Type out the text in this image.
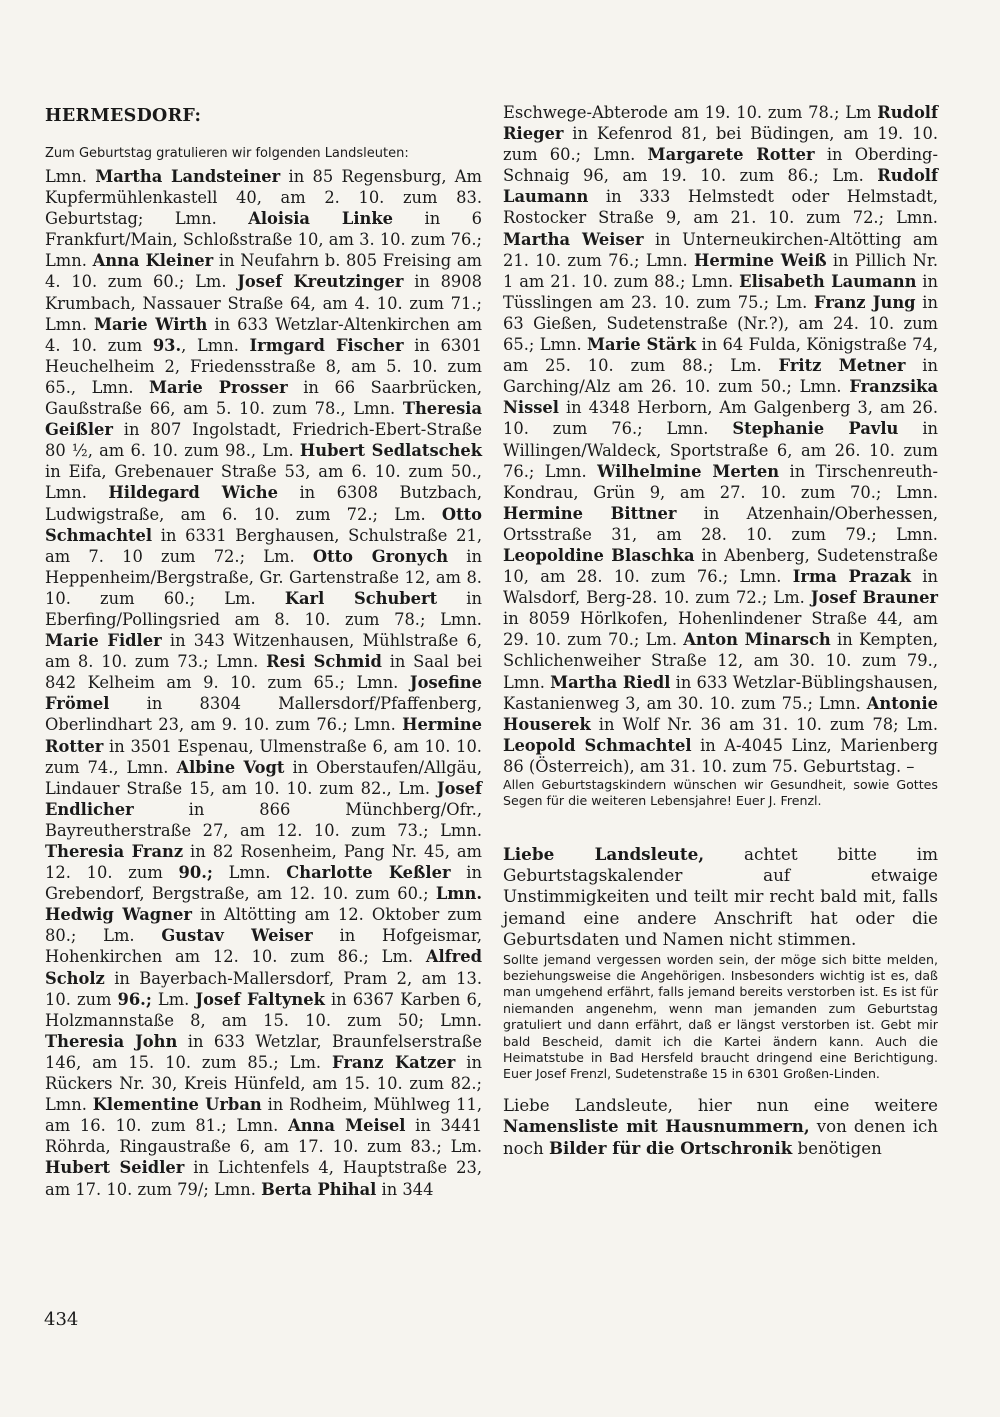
HERMESDORF:
Zum Geburtstag gratulieren wir folgenden Landsleuten:
Lmn. Martha Landsteiner in 85 Regensburg, Am Kupfermühlenkastell 40, am 2. 10. zum 83. Geburtstag; Lmn. Aloisia Linke in 6 Frankfurt/Main, Schloßstraße 10, am 3. 10. zum 76.; Lmn. Anna Kleiner in Neufahrn b. 805 Freising am 4. 10. zum 60.; Lm. Josef Kreutzinger in 8908 Krumbach, Nassauer Straße 64, am 4. 10. zum 71.; Lmn. Marie Wirth in 633 Wetzlar-Altenkirchen am 4. 10. zum 93., Lmn. Irmgard Fischer in 6301 Heuchelheim 2, Friedensstraße 8, am 5. 10. zum 65., Lmn. Marie Prosser in 66 Saarbrücken, Gaußstraße 66, am 5. 10. zum 78., Lmn. Theresia Geißler in 807 Ingolstadt, Friedrich-Ebert-Straße 80 ½, am 6. 10. zum 98., Lm. Hubert Sedlatschek in Eifa, Grebenauer Straße 53, am 6. 10. zum 50., Lmn. Hildegard Wiche in 6308 Butzbach, Ludwigstraße, am 6. 10. zum 72.; Lm. Otto Schmachtel in 6331 Berghausen, Schulstraße 21, am 7. 10 zum 72.; Lm. Otto Gronych in Heppenheim/Bergstraße, Gr. Gartenstraße 12, am 8. 10. zum 60.; Lm. Karl Schubert in Eberfing/Pollingsried am 8. 10. zum 78.; Lmn. Marie Fidler in 343 Witzenhausen, Mühlstraße 6, am 8. 10. zum 73.; Lmn. Resi Schmid in Saal bei 842 Kelheim am 9. 10. zum 65.; Lmn. Josefine Frömel in 8304 Mallersdorf/Pfaffenberg, Oberlindhart 23, am 9. 10. zum 76.; Lmn. Hermine Rotter in 3501 Espenau, Ulmenstraße 6, am 10. 10. zum 74., Lmn. Albine Vogt in Oberstaufen/Allgäu, Lindauer Straße 15, am 10. 10. zum 82., Lm. Josef Endlicher in 866 Münchberg/Ofr., Bayreutherstraße 27, am 12. 10. zum 73.; Lmn. Theresia Franz in 82 Rosenheim, Pang Nr. 45, am 12. 10. zum 90.; Lmn. Charlotte Keßler in Grebendorf, Bergstraße, am 12. 10. zum 60.; Lmn. Hedwig Wagner in Altötting am 12. Oktober zum 80.; Lm. Gustav Weiser in Hofgeismar, Hohenkirchen am 12. 10. zum 86.; Lm. Alfred Scholz in Bayerbach-Mallersdorf, Pram 2, am 13. 10. zum 96.; Lm. Josef Faltynek in 6367 Karben 6, Holzmannstaße 8, am 15. 10. zum 50; Lmn. Theresia John in 633 Wetzlar, Braunfelserstraße 146, am 15. 10. zum 85.; Lm. Franz Katzer in Rückers Nr. 30, Kreis Hünfeld, am 15. 10. zum 82.; Lmn. Klementine Urban in Rodheim, Mühlweg 11, am 16. 10. zum 81.; Lmn. Anna Meisel in 3441 Röhrda, Ringaustraße 6, am 17. 10. zum 83.; Lm. Hubert Seidler in Lichtenfels 4, Hauptstraße 23, am 17. 10. zum 79/; Lmn. Berta Phihal in 344
Eschwege-Abterode am 19. 10. zum 78.; Lm Rudolf Rieger in Kefenrod 81, bei Büdingen, am 19. 10. zum 60.; Lmn. Margarete Rotter in Oberding-Schnaig 96, am 19. 10. zum 86.; Lm. Rudolf Laumann in 333 Helmstedt oder Helmstadt, Rostocker Straße 9, am 21. 10. zum 72.; Lmn. Martha Weiser in Unterneukirchen-Altötting am 21. 10. zum 76.; Lmn. Hermine Weiß in Pillich Nr. 1 am 21. 10. zum 88.; Lmn. Elisabeth Laumann in Tüsslingen am 23. 10. zum 75.; Lm. Franz Jung in 63 Gießen, Sudetenstraße (Nr.?), am 24. 10. zum 65.; Lmn. Marie Stärk in 64 Fulda, Königstraße 74, am 25. 10. zum 88.; Lm. Fritz Metner in Garching/Alz am 26. 10. zum 50.; Lmn. Franzsika Nissel in 4348 Herborn, Am Galgenberg 3, am 26. 10. zum 76.; Lmn. Stephanie Pavlu in Willingen/Waldeck, Sportstraße 6, am 26. 10. zum 76.; Lmn. Wilhelmine Merten in Tirschenreuth-Kondrau, Grün 9, am 27. 10. zum 70.; Lmn. Hermine Bittner in Atzenhain/Oberhessen, Ortsstraße 31, am 28. 10. zum 79.; Lmn. Leopoldine Blaschka in Abenberg, Sudetenstraße 10, am 28. 10. zum 76.; Lmn. Irma Prazak in Walsdorf, Berg-28. 10. zum 72.; Lm. Josef Brauner in 8059 Hörlkofen, Hohenlindener Straße 44, am 29. 10. zum 70.; Lm. Anton Minarsch in Kempten, Schlichenweiher Straße 12, am 30. 10. zum 79., Lmn. Martha Riedl in 633 Wetzlar-Büblingshausen, Kastanienweg 3, am 30. 10. zum 75.; Lmn. Antonie Houserek in Wolf Nr. 36 am 31. 10. zum 78; Lm. Leopold Schmachtel in A-4045 Linz, Marienberg 86 (Österreich), am 31. 10. zum 75. Geburtstag. –
Allen Geburtstagskindern wünschen wir Gesundheit, sowie Gottes Segen für die weiteren Lebensjahre! Euer J. Frenzl.
Liebe Landsleute, achtet bitte im Geburtstagskalender auf etwaige Unstimmigkeiten und teilt mir recht bald mit, falls jemand eine andere Anschrift hat oder die Geburtsdaten und Namen nicht stimmen.
Sollte jemand vergessen worden sein, der möge sich bitte melden, beziehungsweise die Angehörigen. Insbesonders wichtig ist es, daß man umgehend erfährt, falls jemand bereits verstorben ist. Es ist für niemanden angenehm, wenn man jemanden zum Geburtstag gratuliert und dann erfährt, daß er längst verstorben ist. Gebt mir bald Bescheid, damit ich die Kartei ändern kann. Auch die Heimatstube in Bad Hersfeld braucht dringend eine Berichtigung. Euer Josef Frenzl, Sudetenstraße 15 in 6301 Großen-Linden.
Liebe Landsleute, hier nun eine weitere Namensliste mit Hausnummern, von denen ich noch Bilder für die Ortschronik benötigen
434
